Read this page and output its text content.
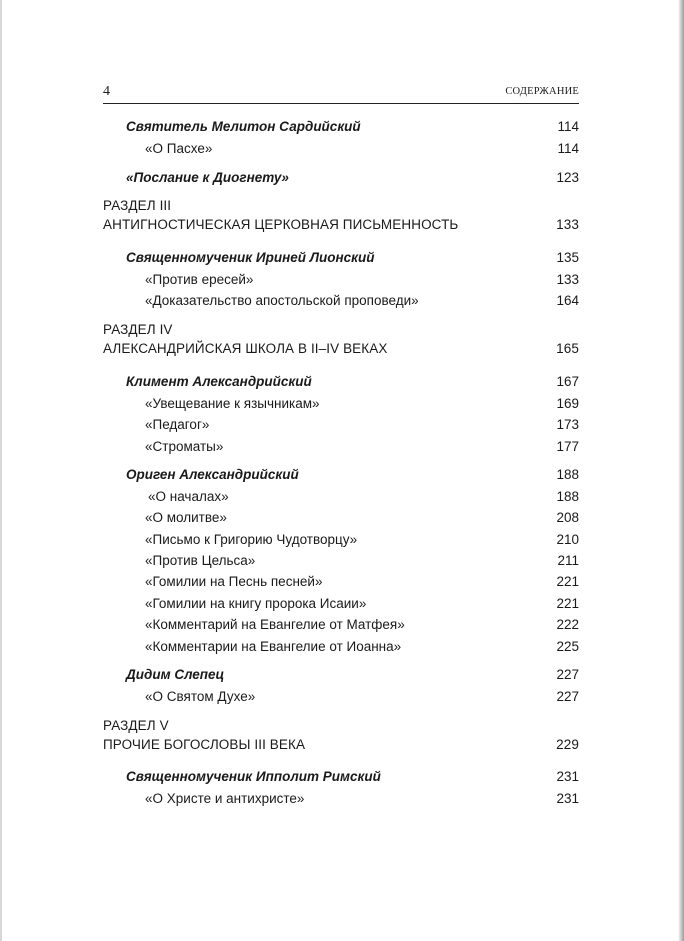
4	СОДЕРЖАНИЕ
Святитель Мелитон Сардийский	114
«О Пасхе»	114
«Послание к Диогнету»	123
РАЗДЕЛ III
АНТИГНОСТИЧЕСКАЯ ЦЕРКОВНАЯ ПИСЬМЕННОСТЬ	133
Священномученик Ириней Лионский	135
«Против ересей»	133
«Доказательство апостольской проповеди»	164
РАЗДЕЛ IV
АЛЕКСАНДРИЙСКАЯ ШКОЛА В II–IV ВЕКАХ	165
Климент Александрийский	167
«Увещевание к язычникам»	169
«Педагог»	173
«Строматы»	177
Ориген Александрийский	188
«О началах»	188
«О молитве»	208
«Письмо к Григорию Чудотворцу»	210
«Против Цельса»	211
«Гомилии на Песнь песней»	221
«Гомилии на книгу пророка Исаии»	221
«Комментарий на Евангелие от Матфея»	222
«Комментарии на Евангелие от Иоанна»	225
Дидим Слепец	227
«О Святом Духе»	227
РАЗДЕЛ V
ПРОЧИЕ БОГОСЛОВЫ III ВЕКА	229
Священномученик Ипполит Римский	231
«О Христе и антихристе»	231
